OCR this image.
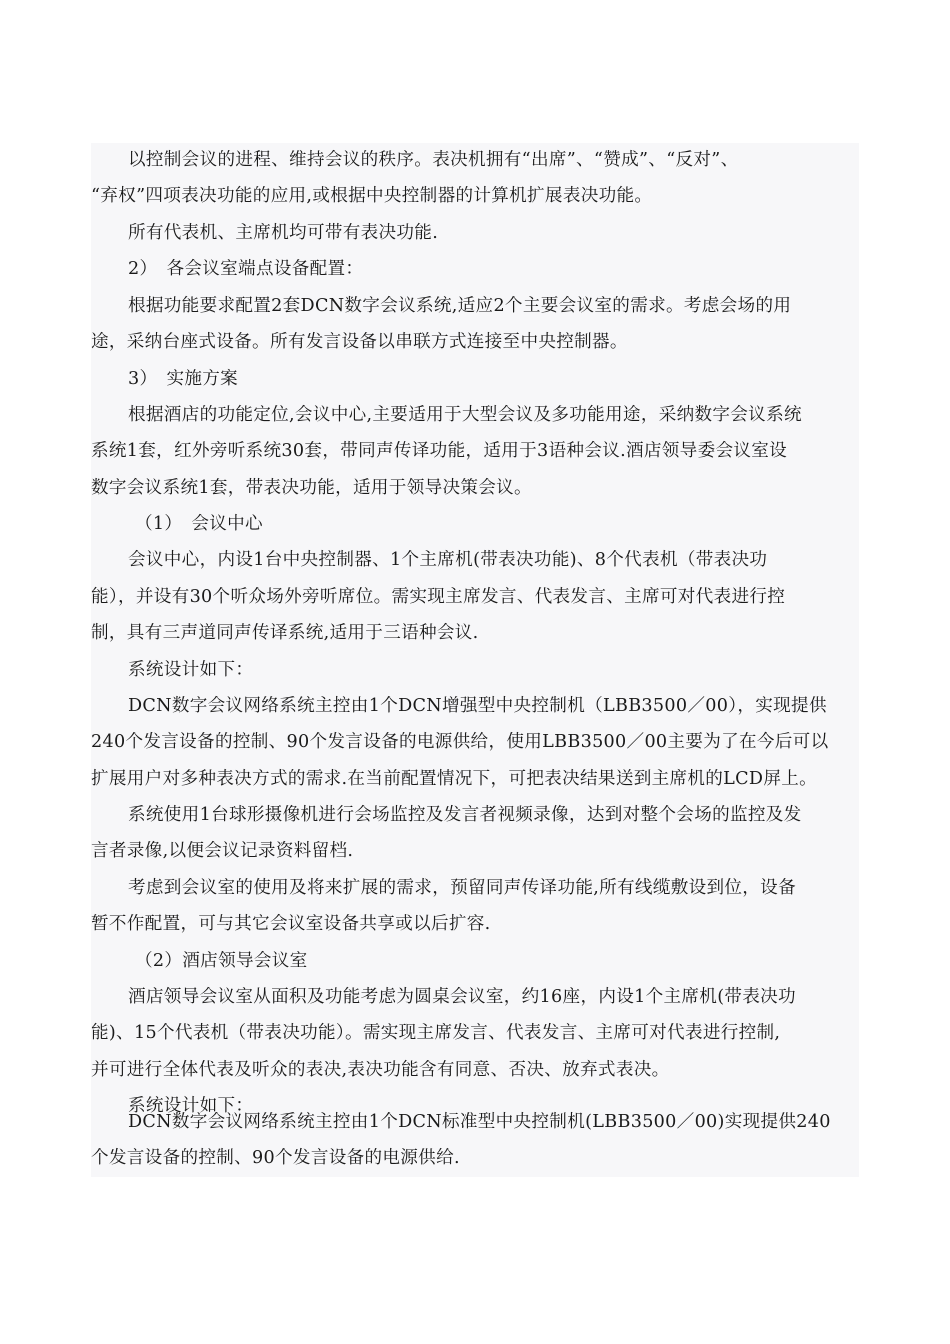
以控制会议的进程、维持会议的秩序。表决机拥有“出席”、“赞成”、“反对”、
“弃权”四项表决功能的应用,或根据中央控制器的计算机扩展表决功能。
所有代表机、主席机均可带有表决功能.
2）　各会议室端点设备配置：
根据功能要求配置2套DCN数字会议系统,适应2个主要会议室的需求。考虑会场的用
途，采纳台座式设备。所有发言设备以串联方式连接至中央控制器。
3）　实施方案
根据酒店的功能定位,会议中心,主要适用于大型会议及多功能用途，采纳数字会议系统
系统1套，红外旁听系统30套，带同声传译功能，适用于3语种会议.酒店领导委会议室设
数字会议系统1套，带表决功能，适用于领导决策会议。
（1）　会议中心
会议中心，内设1台中央控制器、1个主席机(带表决功能)、8个代表机（带表决功
能），并设有30个听众场外旁听席位。需实现主席发言、代表发言、主席可对代表进行控
制，具有三声道同声传译系统,适用于三语种会议.
系统设计如下：
DCN数字会议网络系统主控由1个DCN增强型中央控制机（LBB3500／00），实现提供
240个发言设备的控制、90个发言设备的电源供给，使用LBB3500／00主要为了在今后可以
扩展用户对多种表决方式的需求.在当前配置情况下，可把表决结果送到主席机的LCD屏上。
系统使用1台球形摄像机进行会场监控及发言者视频录像，达到对整个会场的监控及发
言者录像,以便会议记录资料留档.
考虑到会议室的使用及将来扩展的需求，预留同声传译功能,所有线缆敷设到位，设备
暂不作配置，可与其它会议室设备共享或以后扩容.
（2）酒店领导会议室
酒店领导会议室从面积及功能考虑为圆桌会议室，约16座，内设1个主席机(带表决功
能)、15个代表机（带表决功能）。需实现主席发言、代表发言、主席可对代表进行控制,
并可进行全体代表及听众的表决,表决功能含有同意、否决、放弃式表决。
系统设计如下：
DCN数字会议网络系统主控由1个DCN标准型中央控制机(LBB3500／00)实现提供240
个发言设备的控制、90个发言设备的电源供给.
